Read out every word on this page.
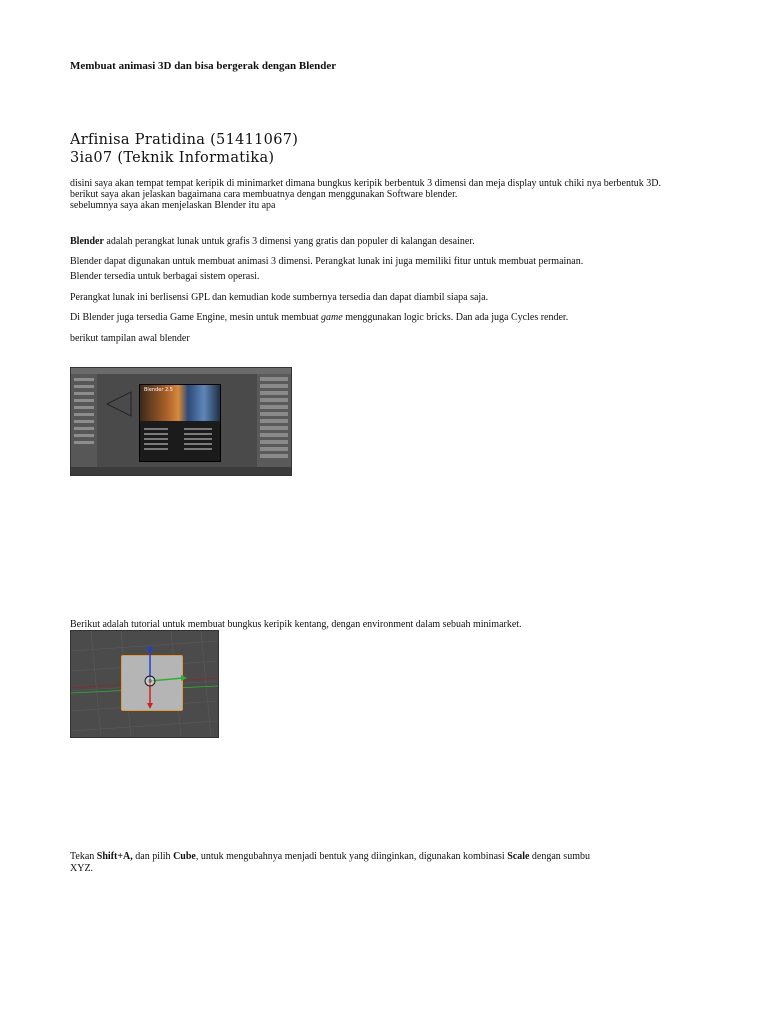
Membuat animasi 3D dan bisa bergerak dengan Blender
Arfinisa Pratidina (51411067)
3ia07 (Teknik Informatika)
disini saya akan tempat tempat keripik di minimarket dimana bungkus keripik berbentuk 3 dimensi dan meja display untuk chiki nya berbentuk 3D.
berikut saya akan jelaskan bagaimana cara membuatnya dengan menggunakan Software blender.
sebelumnya saya akan menjelaskan Blender itu apa
Blender adalah perangkat lunak untuk grafis 3 dimensi yang gratis dan populer di kalangan desainer.
Blender dapat digunakan untuk membuat animasi 3 dimensi. Perangkat lunak ini juga memiliki fitur untuk membuat permainan.
Blender tersedia untuk berbagai sistem operasi.
Perangkat lunak ini berlisensi GPL dan kemudian kode sumbernya tersedia dan dapat diambil siapa saja.
Di Blender juga tersedia Game Engine, mesin untuk membuat game menggunakan logic bricks. Dan ada juga Cycles render.
berikut tampilan awal blender
Blender 2.5
Berikut adalah tutorial untuk membuat bungkus keripik kentang, dengan environment dalam sebuah minimarket.
Tekan Shift+A, dan pilih Cube, untuk mengubahnya menjadi bentuk yang diinginkan, digunakan kombinasi Scale dengan sumbu
XYZ.
